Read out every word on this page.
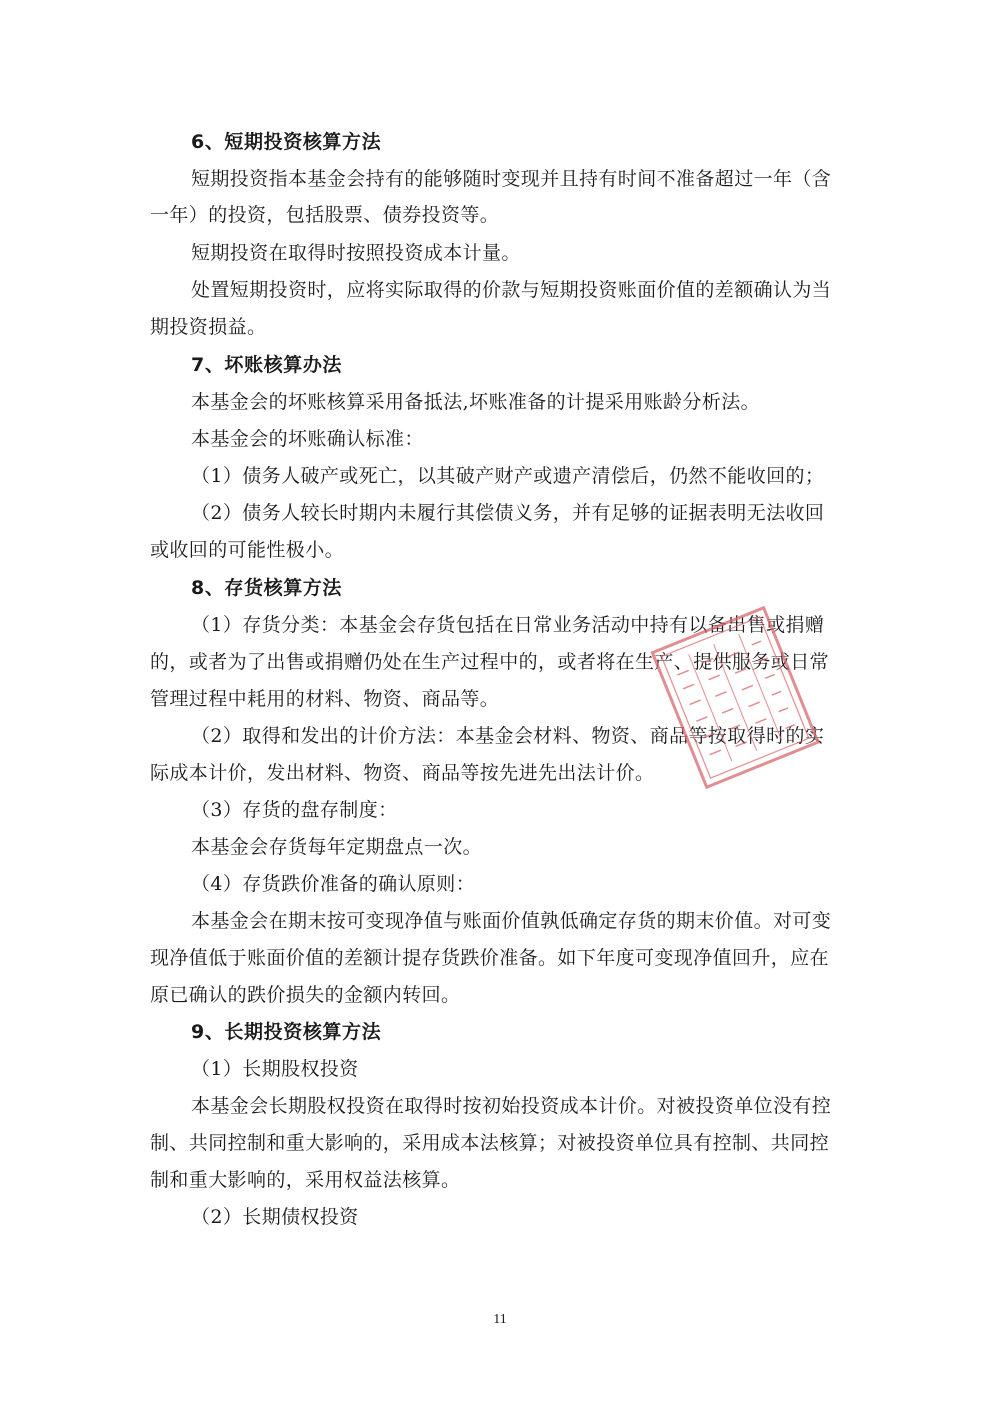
6、短期投资核算方法
短期投资指本基金会持有的能够随时变现并且持有时间不准备超过一年（含
一年）的投资，包括股票、债券投资等。
短期投资在取得时按照投资成本计量。
处置短期投资时，应将实际取得的价款与短期投资账面价值的差额确认为当
期投资损益。
7、坏账核算办法
本基金会的坏账核算采用备抵法,坏账准备的计提采用账龄分析法。
本基金会的坏账确认标准：
（1）债务人破产或死亡，以其破产财产或遗产清偿后，仍然不能收回的；
（2）债务人较长时期内未履行其偿债义务，并有足够的证据表明无法收回
或收回的可能性极小。
8、存货核算方法
（1）存货分类：本基金会存货包括在日常业务活动中持有以备出售或捐赠
的，或者为了出售或捐赠仍处在生产过程中的，或者将在生产、提供服务或日常
管理过程中耗用的材料、物资、商品等。
（2）取得和发出的计价方法：本基金会材料、物资、商品等按取得时的实
际成本计价，发出材料、物资、商品等按先进先出法计价。
（3）存货的盘存制度：
本基金会存货每年定期盘点一次。
（4）存货跌价准备的确认原则：
本基金会在期末按可变现净值与账面价值孰低确定存货的期末价值。对可变
现净值低于账面价值的差额计提存货跌价准备。如下年度可变现净值回升，应在
原已确认的跌价损失的金额内转回。
9、长期投资核算方法
（1）长期股权投资
本基金会长期股权投资在取得时按初始投资成本计价。对被投资单位没有控
制、共同控制和重大影响的，采用成本法核算；对被投资单位具有控制、共同控
制和重大影响的，采用权益法核算。
（2）长期债权投资
11
